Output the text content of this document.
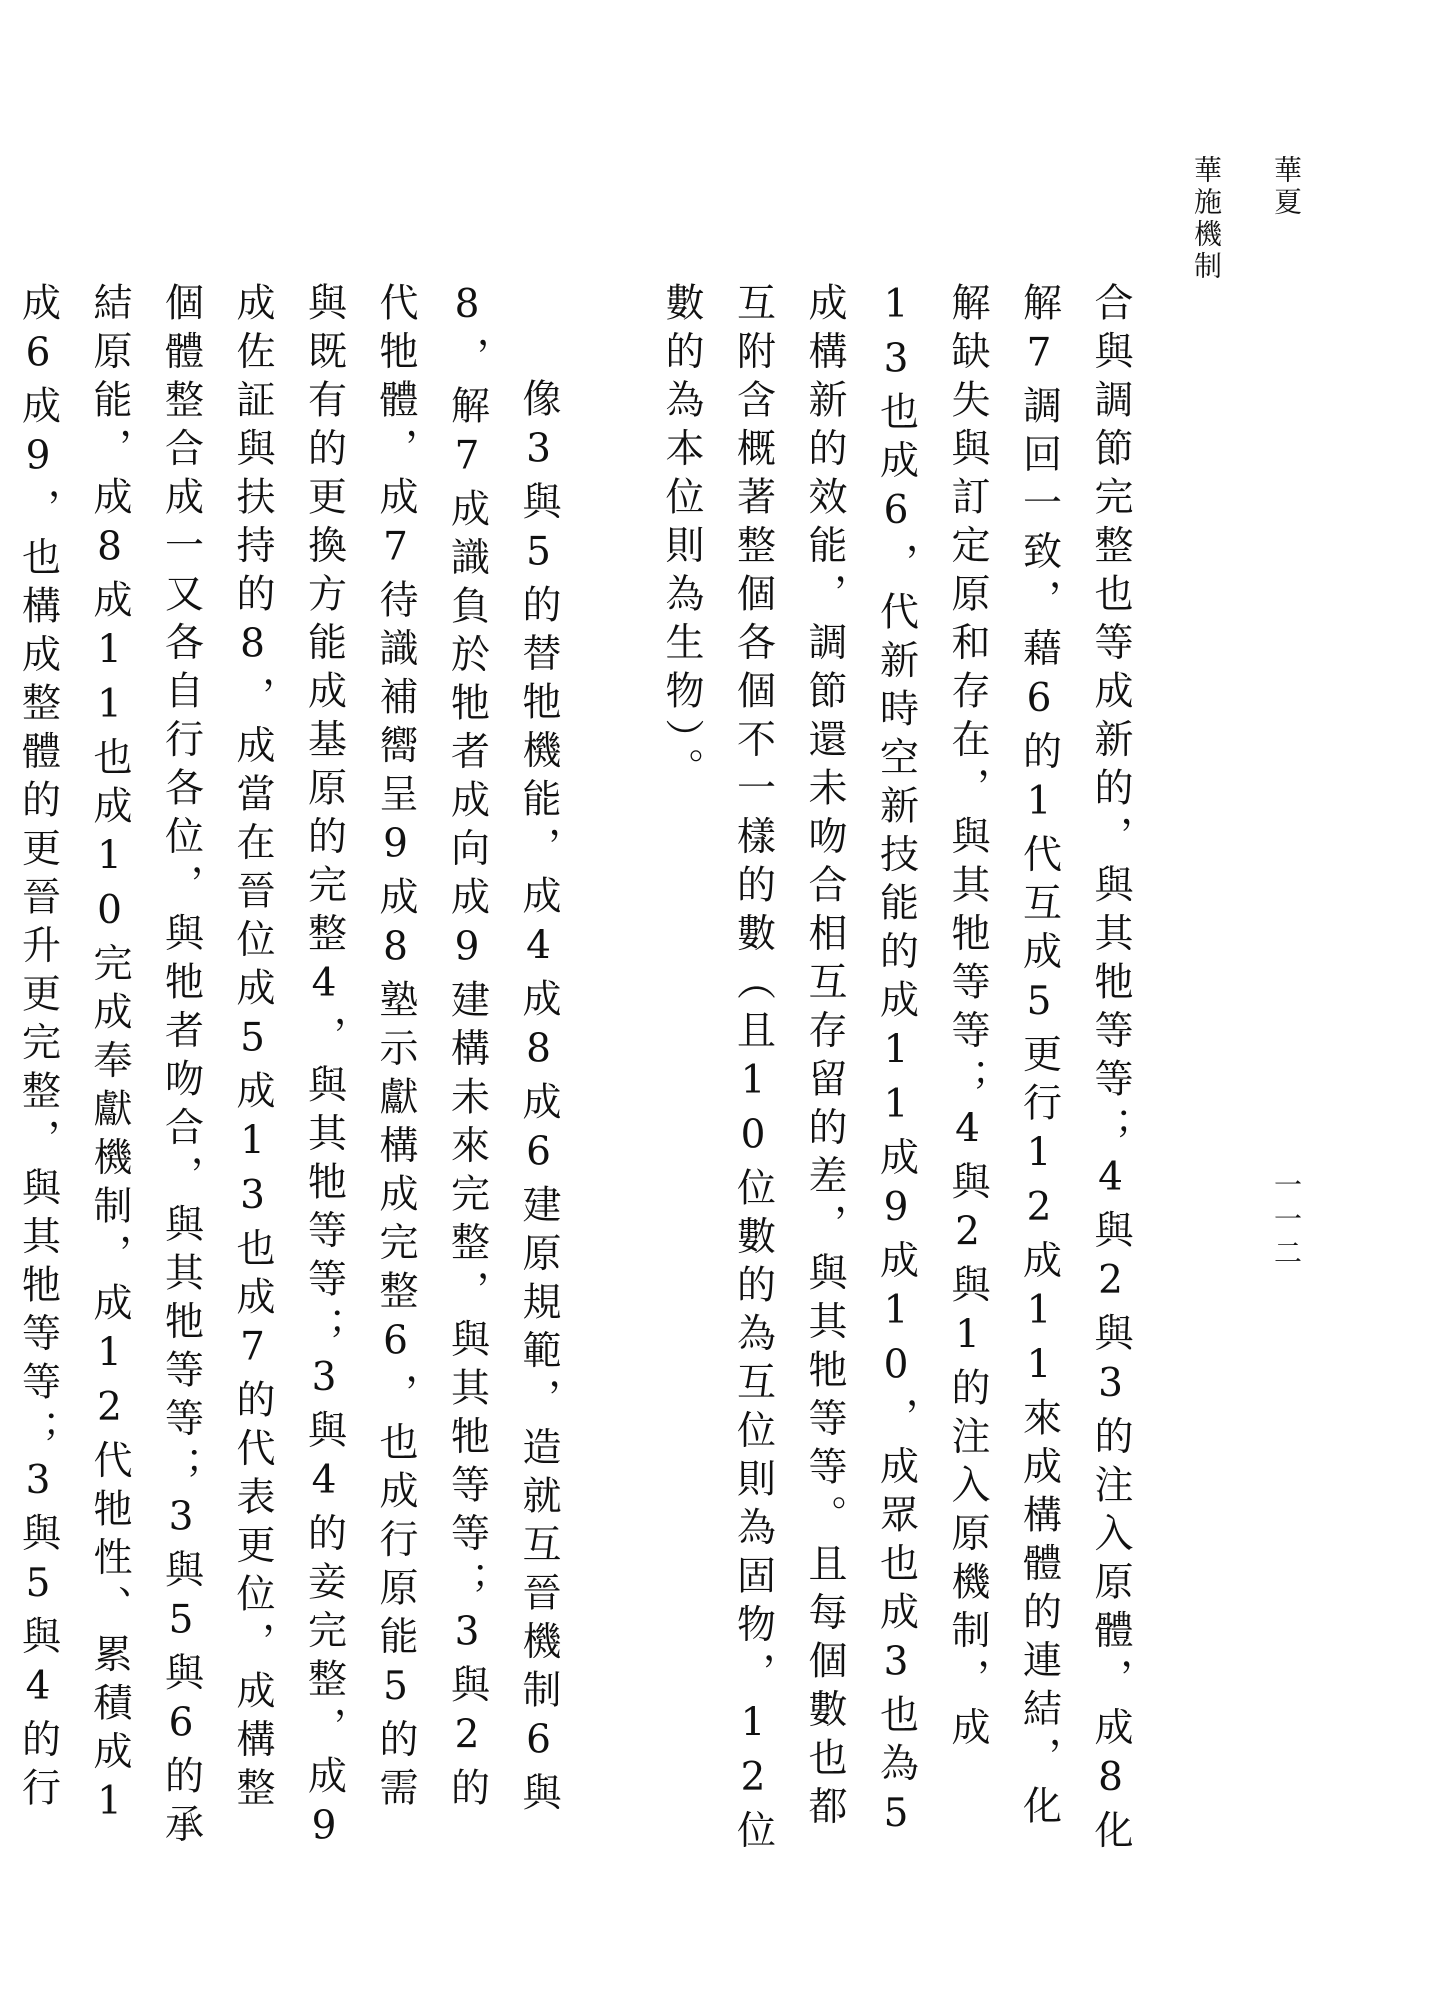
華夏
華施機制
一一二

合與調節完整也等成新的，與其牠等等；4與2與3的注入原體，成8化解7調回一致，藉6的1代互成5更行12成11來成構體的連結，化解缺失與訂定原和存在，與其牠等等；4與2與1的注入原機制，成13也成6，代新時空新技能的成11成9成10，成眾也成3也為5成構新的效能，調節還未吻合相互存留的差，與其牠等等。且每個數也都互附含概著整個各個不一樣的數（且10位數的為互位則為固物，12位數的為本位則為生物）。

像3與5的替牠機能，成4成8成6建原規範，造就互晉機制6與8，解7成識負於牠者成向成9建構未來完整，與其牠等等；3與2的代牠體，成7待識補嚮呈9成8塾示獻構成完整6，也成行原能5的需與既有的更換方能成基原的完整4，與其牠等等；3與4的妾完整，成9成佐証與扶持的8，成當在晉位成5成13也成7的代表更位，成構整個體整合成一又各自行各位，與牠者吻合，與其牠等等；3與5與6的承結原能，成8成11也成10完成奉獻機制，成12代牠性、累積成1成6成9，也構成整體的更晉升更完整，與其牠等等；3與5與4的行
